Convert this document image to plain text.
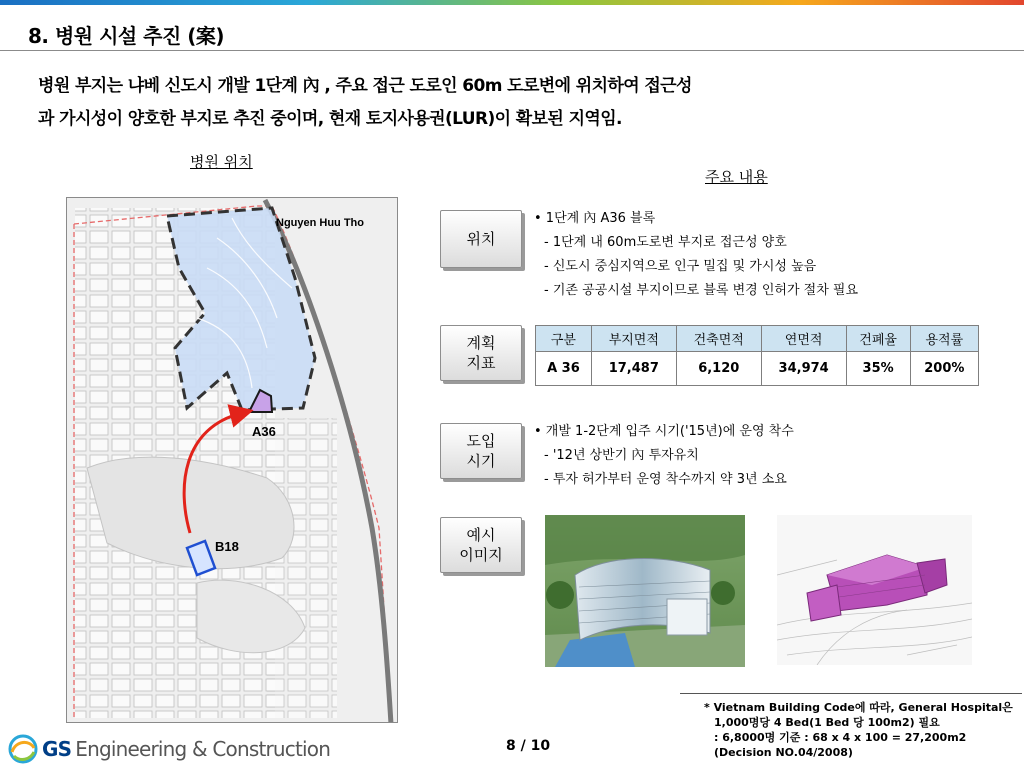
8. 병원 시설 추진 (案)
병원 부지는 냐베 신도시 개발 1단계 內 , 주요 접근 도로인 60m 도로변에 위치하여 접근성
과 가시성이 양호한 부지로 추진 중이며, 현재 토지사용권(LUR)이 확보된 지역임.
병원 위치
주요 내용
Nguyen Huu Tho
A36
B18
위치
• 1단계 內 A36 블록
- 1단계 내 60m도로변 부지로 접근성 양호
- 신도시 중심지역으로 인구 밀집 및 가시성 높음
- 기존 공공시설 부지이므로 블록 변경 인허가 절차 필요
계획
지표
구분	부지면적	건축면적	연면적	건폐율	용적률
A 36	17,487	6,120	34,974	35%	200%
도입
시기
• 개발 1-2단계 입주 시기('15년)에 운영 착수
- '12년 상반기 內 투자유치
- 투자 허가부터 운영 착수까지 약 3년 소요
예시
이미지
* Vietnam Building Code에 따라, General Hospital은
1,000명당 4 Bed(1 Bed 당 100m2) 필요
: 6,8000명 기준 : 68 x 4 x 100 = 27,200m2
(Decision NO.04/2008)
GS Engineering & Construction	8 / 10
